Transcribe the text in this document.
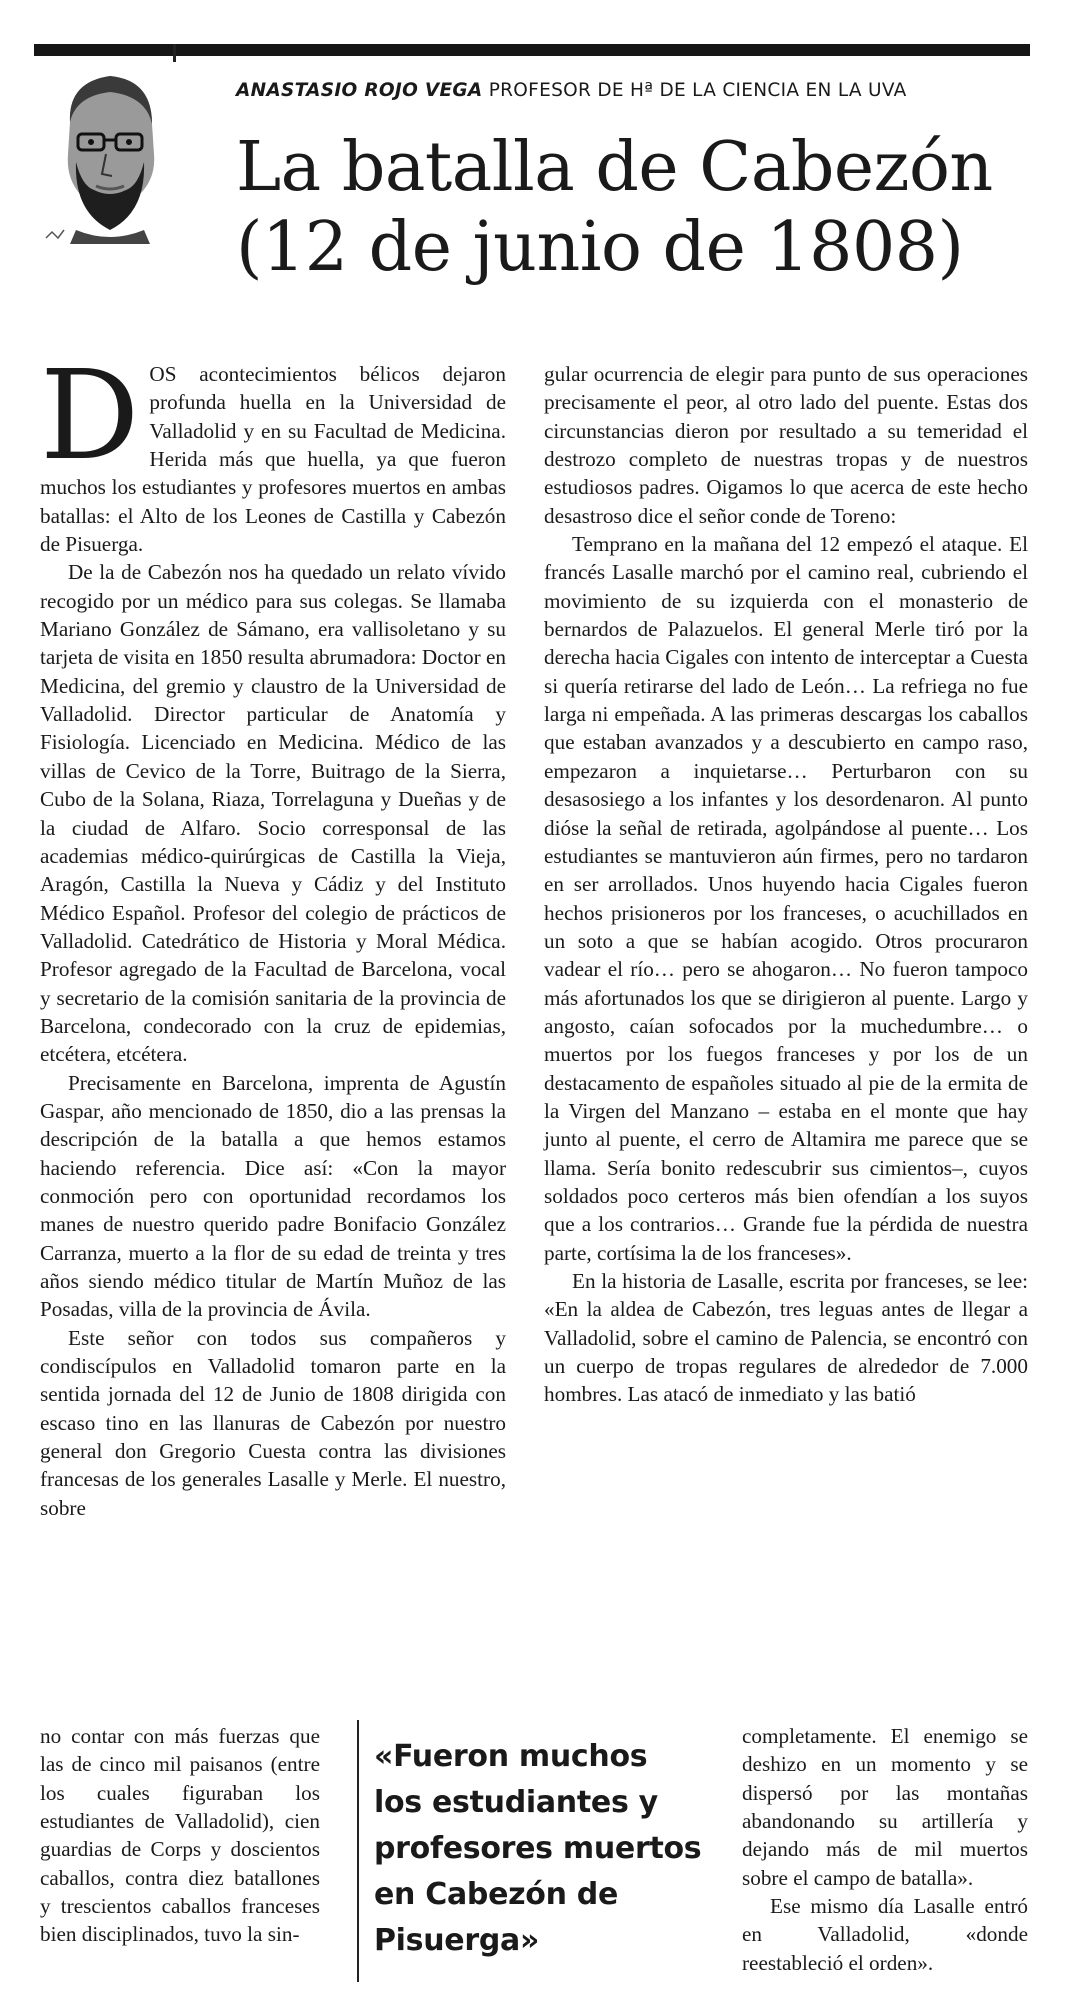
ANASTASIO ROJO VEGA PROFESOR DE Hª DE LA CIENCIA EN LA UVA
La batalla de Cabezón
(12 de junio de 1808)

DOS acontecimientos bélicos dejaron profunda huella en la Universidad de Valladolid y en su Facultad de Medicina. Herida más que huella, ya que fueron muchos los estudiantes y profesores muertos en ambas batallas: el Alto de los Leones de Castilla y Cabezón de Pisuerga.

De la de Cabezón nos ha quedado un relato vívido recogido por un médico para sus colegas. Se llamaba Mariano González de Sámano, era vallisoletano y su tarjeta de visita en 1850 resulta abrumadora: Doctor en Medicina, del gremio y claustro de la Universidad de Valladolid. Director particular de Anatomía y Fisiología. Licenciado en Medicina. Médico de las villas de Cevico de la Torre, Buitrago de la Sierra, Cubo de la Solana, Riaza, Torrelaguna y Dueñas y de la ciudad de Alfaro. Socio corresponsal de las academias médico-quirúrgicas de Castilla la Vieja, Aragón, Castilla la Nueva y Cádiz y del Instituto Médico Español. Profesor del colegio de prácticos de Valladolid. Catedrático de Historia y Moral Médica. Profesor agregado de la Facultad de Barcelona, vocal y secretario de la comisión sanitaria de la provincia de Barcelona, condecorado con la cruz de epidemias, etcétera, etcétera.

Precisamente en Barcelona, imprenta de Agustín Gaspar, año mencionado de 1850, dio a las prensas la descripción de la batalla a que hemos estamos haciendo referencia. Dice así: «Con la mayor conmoción pero con oportunidad recordamos los manes de nuestro querido padre Bonifacio González Carranza, muerto a la flor de su edad de treinta y tres años siendo médico titular de Martín Muñoz de las Posadas, villa de la provincia de Ávila.

Este señor con todos sus compañeros y condiscípulos en Valladolid tomaron parte en la sentida jornada del 12 de Junio de 1808 dirigida con escaso tino en las llanuras de Cabezón por nuestro general don Gregorio Cuesta contra las divisiones francesas de los generales Lasalle y Merle. El nuestro, sobre

gular ocurrencia de elegir para punto de sus operaciones precisamente el peor, al otro lado del puente. Estas dos circunstancias dieron por resultado a su temeridad el destrozo completo de nuestras tropas y de nuestros estudiosos padres. Oigamos lo que acerca de este hecho desastroso dice el señor conde de Toreno:

Temprano en la mañana del 12 empezó el ataque. El francés Lasalle marchó por el camino real, cubriendo el movimiento de su izquierda con el monasterio de bernardos de Palazuelos. El general Merle tiró por la derecha hacia Cigales con intento de interceptar a Cuesta si quería retirarse del lado de León… La refriega no fue larga ni empeñada. A las primeras descargas los caballos que estaban avanzados y a descubierto en campo raso, empezaron a inquietarse… Perturbaron con su desasosiego a los infantes y los desordenaron. Al punto dióse la señal de retirada, agolpándose al puente… Los estudiantes se mantuvieron aún firmes, pero no tardaron en ser arrollados. Unos huyendo hacia Cigales fueron hechos prisioneros por los franceses, o acuchillados en un soto a que se habían acogido. Otros procuraron vadear el río… pero se ahogaron… No fueron tampoco más afortunados los que se dirigieron al puente. Largo y angosto, caían sofocados por la muchedumbre… o muertos por los fuegos franceses y por los de un destacamento de españoles situado al pie de la ermita de la Virgen del Manzano – estaba en el monte que hay junto al puente, el cerro de Altamira me parece que se llama. Sería bonito redescubrir sus cimientos–, cuyos soldados poco certeros más bien ofendían a los suyos que a los contrarios… Grande fue la pérdida de nuestra parte, cortísima la de los franceses».

En la historia de Lasalle, escrita por franceses, se lee: «En la aldea de Cabezón, tres leguas antes de llegar a Valladolid, sobre el camino de Palencia, se encontró con un cuerpo de tropas regulares de alrededor de 7.000 hombres. Las atacó de inmediato y las batió

no contar con más fuerzas que las de cinco mil paisanos (entre los cuales figuraban los estudiantes de Valladolid), cien guardias de Corps y doscientos caballos, contra diez batallones y trescientos caballos franceses bien disciplinados, tuvo la sin-

«Fueron muchos
los estudiantes y
profesores muertos
en Cabezón de
Pisuerga»

completamente. El enemigo se deshizo en un momento y se dispersó por las montañas abandonando su artillería y dejando más de mil muertos sobre el campo de batalla».

Ese mismo día Lasalle entró en Valladolid, «donde reestableció el orden».
